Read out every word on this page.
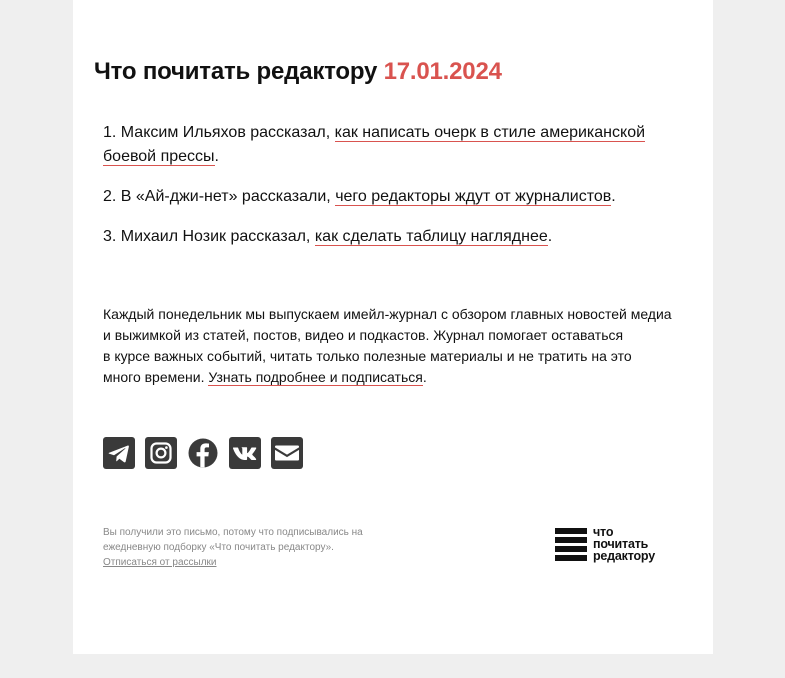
Что почитать редактору 17.01.2024

1. Максим Ильяхов рассказал, как написать очерк в стиле американской боевой прессы.

2. В «Ай-джи-нет» рассказали, чего редакторы ждут от журналистов.

3. Михаил Нозик рассказал, как сделать таблицу нагляднее.

Каждый понедельник мы выпускаем имейл-журнал с обзором главных новостей медиа
и выжимкой из статей, постов, видео и подкастов. Журнал помогает оставаться
в курсе важных событий, читать только полезные материалы и не тратить на это
много времени. Узнать подробнее и подписаться.
Вы получили это письмо, потому что подписывались на
ежедневную подборку «Что почитать редактору».
Отписаться от рассылки
что
почитать
редактору
